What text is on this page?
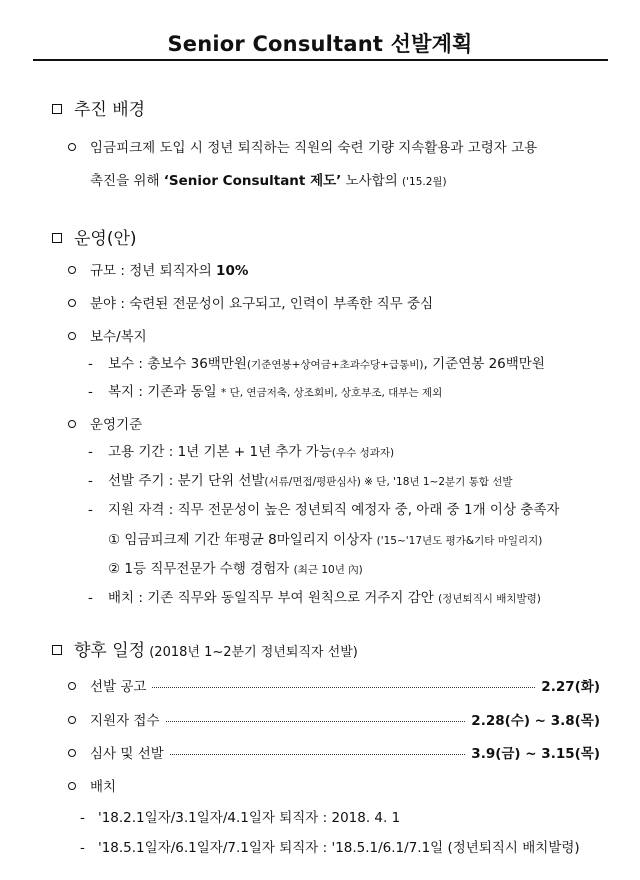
Senior Consultant 선발계획
추진 배경
임금피크제 도입 시 정년 퇴직하는 직원의 숙련 기량 지속활용과 고령자 고용
촉진을 위해 ‘Senior Consultant 제도’ 노사합의 ('15.2월)
운영(안)
규모 : 정년 퇴직자의 10%
분야 : 숙련된 전문성이 요구되고, 인력이 부족한 직무 중심
보수/복지
- 보수 : 총보수 36백만원(기준연봉+상여금+초과수당+급통비), 기준연봉 26백만원
- 복지 : 기존과 동일 * 단, 연금저축, 상조회비, 상호부조, 대부는 제외
운영기준
- 고용 기간 : 1년 기본 + 1년 추가 가능(우수 성과자)
- 선발 주기 : 분기 단위 선발(서류/면접/평판심사) ※ 단, '18년 1~2분기 통합 선발
- 지원 자격 : 직무 전문성이 높은 정년퇴직 예정자 중, 아래 중 1개 이상 충족자
① 임금피크제 기간 年평균 8마일리지 이상자 ('15~'17년도 평가&기타 마일리지)
② 1등 직무전문가 수행 경험자 (최근 10년 內)
- 배치 : 기존 직무와 동일직무 부여 원칙으로 거주지 감안 (정년퇴직시 배치발령)
향후 일정 (2018년 1~2분기 정년퇴직자 선발)
선발 공고	2.27(화)
지원자 접수	2.28(수) ~ 3.8(목)
심사 및 선발	3.9(금) ~ 3.15(목)
배치
- '18.2.1일자/3.1일자/4.1일자 퇴직자 : 2018. 4. 1
- '18.5.1일자/6.1일자/7.1일자 퇴직자 : '18.5.1/6.1/7.1일 (정년퇴직시 배치발령)
